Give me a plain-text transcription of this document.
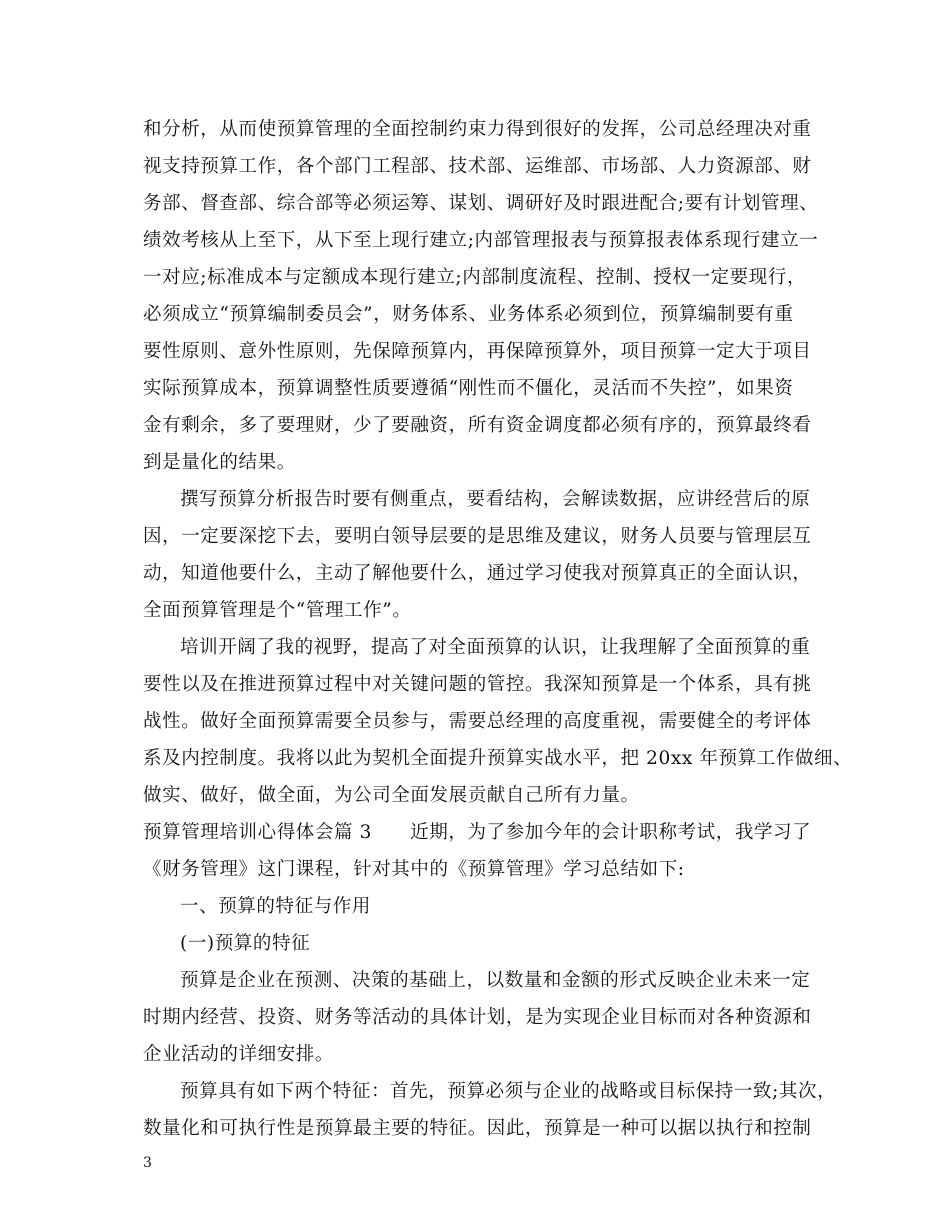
和分析，从而使预算管理的全面控制约束力得到很好的发挥，公司总经理决对重
视支持预算工作，各个部门工程部、技术部、运维部、市场部、人力资源部、财
务部、督查部、综合部等必须运筹、谋划、调研好及时跟进配合;要有计划管理、
绩效考核从上至下，从下至上现行建立;内部管理报表与预算报表体系现行建立一
一对应;标准成本与定额成本现行建立;内部制度流程、控制、授权一定要现行，
必须成立“预算编制委员会”，财务体系、业务体系必须到位，预算编制要有重
要性原则、意外性原则，先保障预算内，再保障预算外，项目预算一定大于项目
实际预算成本，预算调整性质要遵循“刚性而不僵化，灵活而不失控”，如果资
金有剩余，多了要理财，少了要融资，所有资金调度都必须有序的，预算最终看
到是量化的结果。
撰写预算分析报告时要有侧重点，要看结构，会解读数据，应讲经营后的原
因，一定要深挖下去，要明白领导层要的是思维及建议，财务人员要与管理层互
动，知道他要什么，主动了解他要什么，通过学习使我对预算真正的全面认识，
全面预算管理是个“管理工作”。
培训开阔了我的视野，提高了对全面预算的认识，让我理解了全面预算的重
要性以及在推进预算过程中对关键问题的管控。我深知预算是一个体系，具有挑
战性。做好全面预算需要全员参与，需要总经理的高度重视，需要健全的考评体
系及内控制度。我将以此为契机全面提升预算实战水平，把 20xx 年预算工作做细、
做实、做好，做全面，为公司全面发展贡献自己所有力量。
预算管理培训心得体会篇 3　　近期，为了参加今年的会计职称考试，我学习了
《财务管理》这门课程，针对其中的《预算管理》学习总结如下:
一、预算的特征与作用
(一)预算的特征
预算是企业在预测、决策的基础上，以数量和金额的形式反映企业未来一定
时期内经营、投资、财务等活动的具体计划，是为实现企业目标而对各种资源和
企业活动的详细安排。
预算具有如下两个特征：首先，预算必须与企业的战略或目标保持一致;其次，
数量化和可执行性是预算最主要的特征。因此，预算是一种可以据以执行和控制
3
